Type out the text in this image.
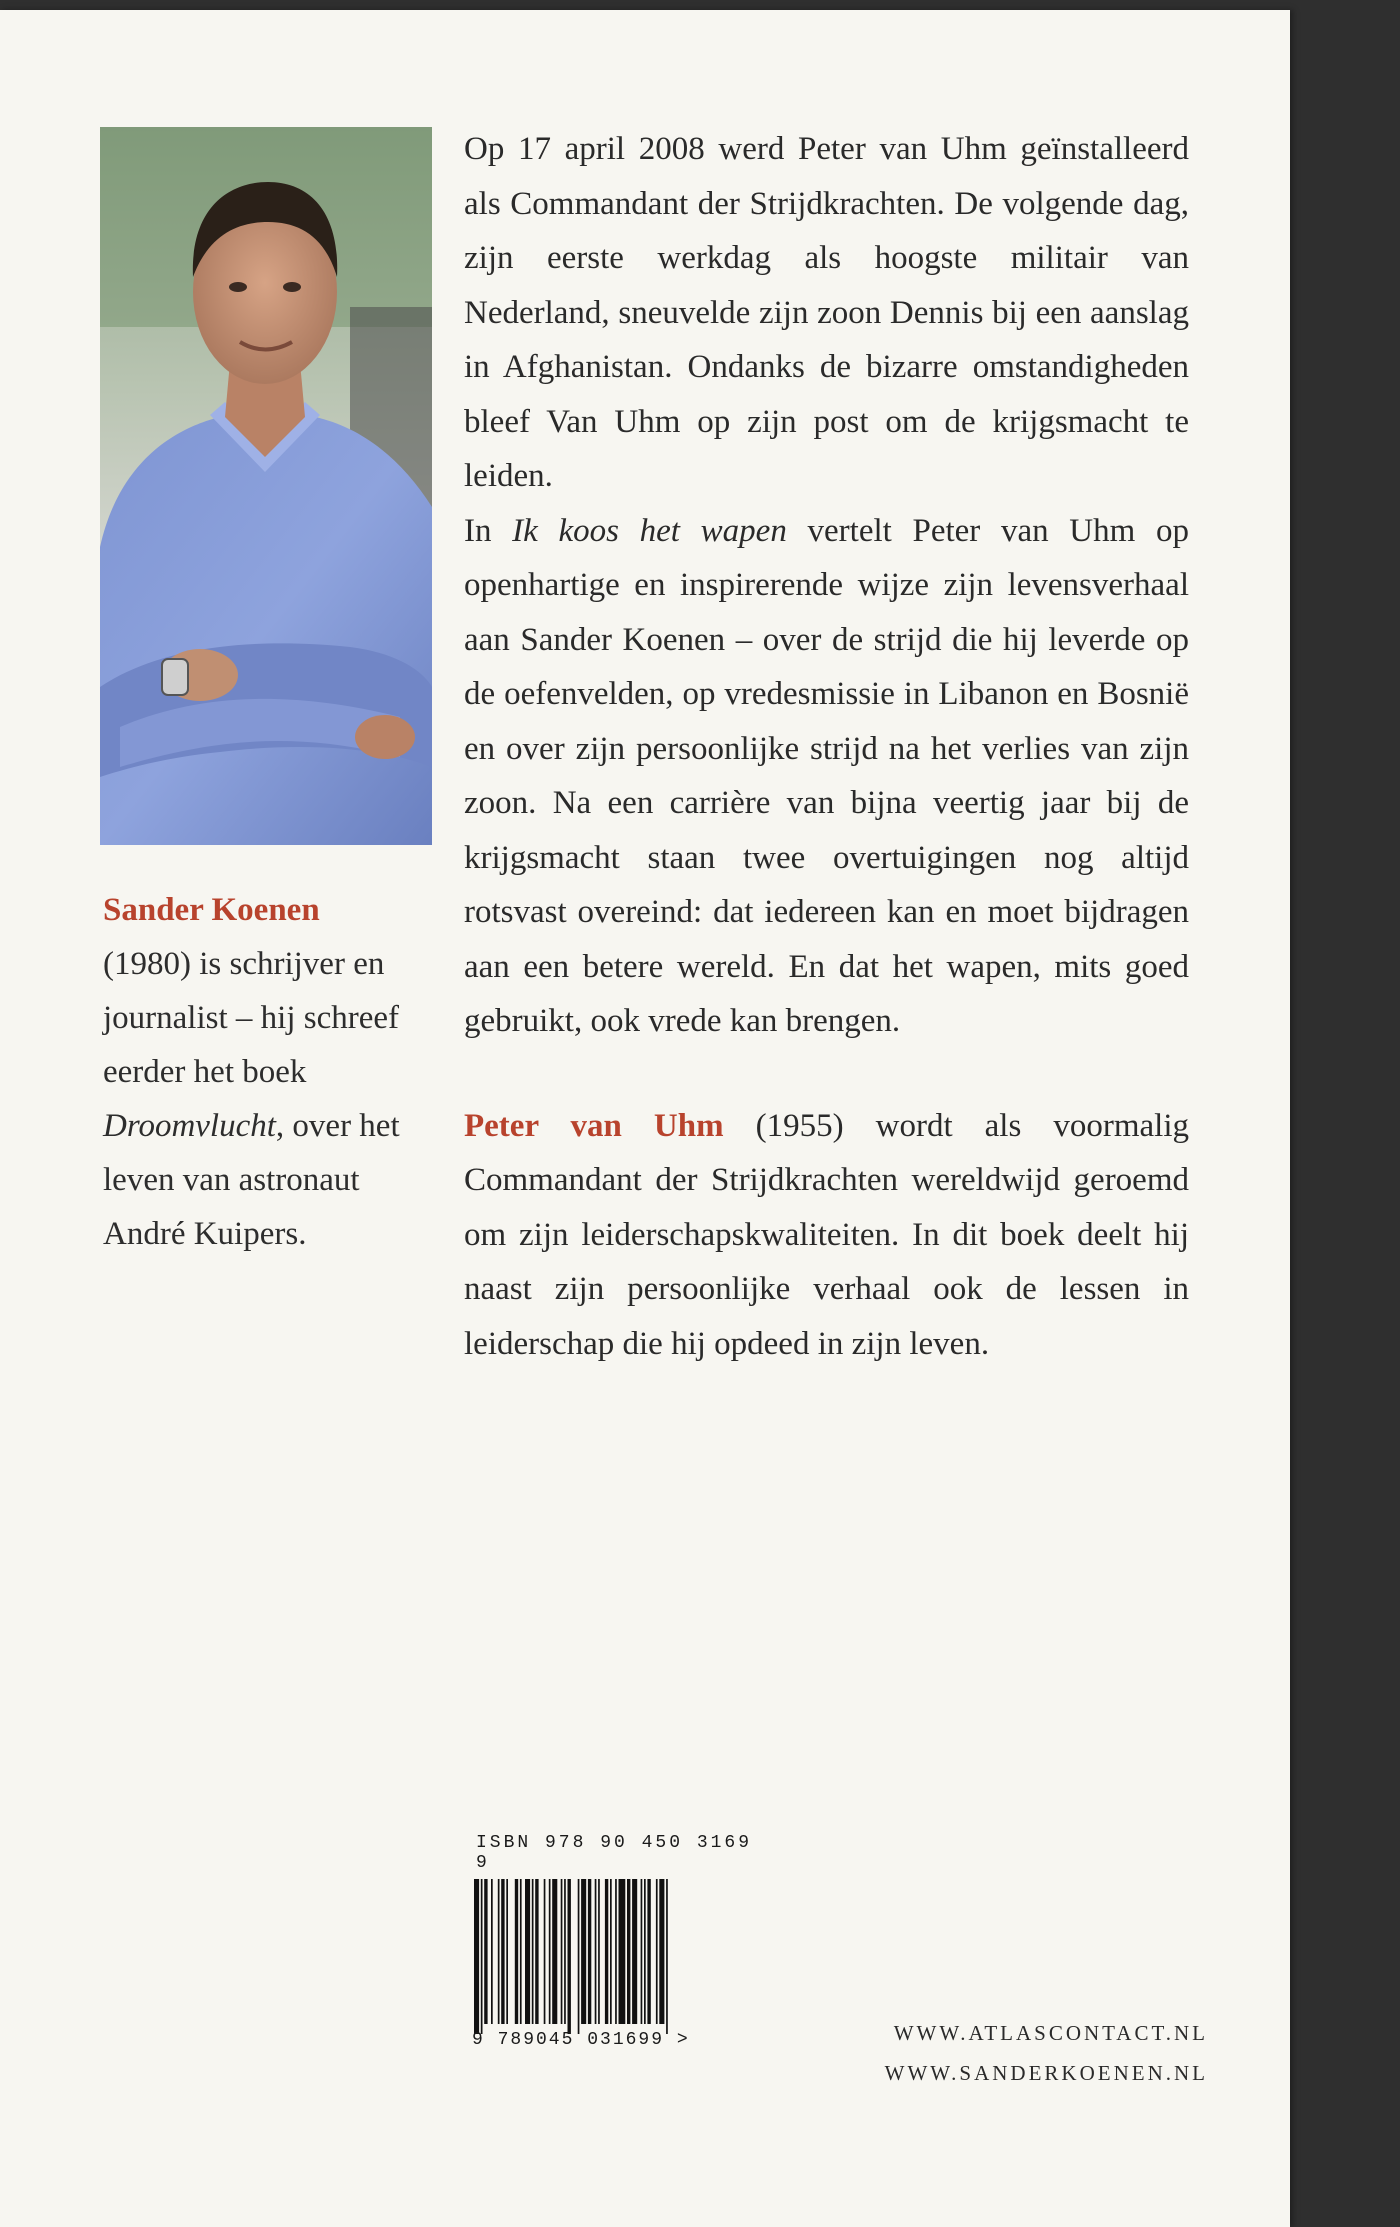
Sander Koenen
(1980) is schrijver en journalist – hij schreef eerder het boek Droomvlucht, over het leven van astronaut André Kuipers.

Op 17 april 2008 werd Peter van Uhm geïnstalleerd als Commandant der Strijdkrachten. De volgende dag, zijn eerste werkdag als hoogste militair van Nederland, sneuvelde zijn zoon Dennis bij een aanslag in Afghanistan. Ondanks de bizarre omstandigheden bleef Van Uhm op zijn post om de krijgsmacht te leiden.

In Ik koos het wapen vertelt Peter van Uhm op openhartige en inspirerende wijze zijn levensverhaal aan Sander Koenen – over de strijd die hij leverde op de oefenvelden, op vredesmissie in Libanon en Bosnië en over zijn persoonlijke strijd na het verlies van zijn zoon. Na een carrière van bijna veertig jaar bij de krijgsmacht staan twee overtuigingen nog altijd rotsvast overeind: dat iedereen kan en moet bijdragen aan een betere wereld. En dat het wapen, mits goed gebruikt, ook vrede kan brengen.

Peter van Uhm (1955) wordt als voormalig Commandant der Strijdkrachten wereldwijd geroemd om zijn leiderschapskwaliteiten. In dit boek deelt hij naast zijn persoonlijke verhaal ook de lessen in leiderschap die hij opdeed in zijn leven.

ISBN 978 90 450 3169 9
9 789045 031699 >	WWW.ATLASCONTACT.NL
WWW.SANDERKOENEN.NL
